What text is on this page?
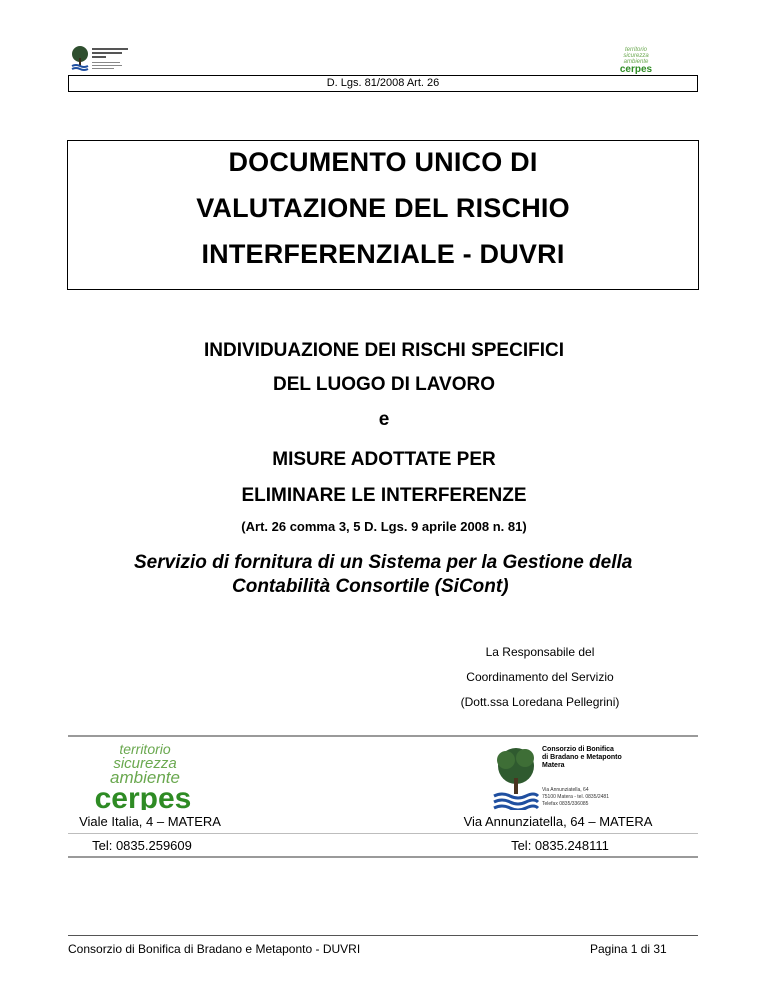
territorio
sicurezza
ambiente
cerpes
D. Lgs. 81/2008 Art. 26
DOCUMENTO UNICO DI
VALUTAZIONE DEL RISCHIO
INTERFERENZIALE - DUVRI
INDIVIDUAZIONE DEI RISCHI SPECIFICI
DEL LUOGO DI LAVORO
e
MISURE ADOTTATE PER
ELIMINARE LE INTERFERENZE
(Art. 26 comma 3, 5 D. Lgs. 9 aprile 2008 n. 81)
Servizio di fornitura di un Sistema per la Gestione della
Contabilità Consortile (SiCont)
La Responsabile del
Coordinamento del Servizio
(Dott.ssa Loredana Pellegrini)
territorio
sicurezza
ambiente
cerpes
Consorzio di Bonifica
di Bradano e Metaponto
Matera
Via Annunziatella, 64
75100 Matera - tel. 0835/2481
Telefax 0835/336085
Viale Italia, 4 – MATERA	Via Annunziatella, 64 – MATERA
Tel: 0835.259609	Tel: 0835.248111
Consorzio di Bonifica di Bradano e Metaponto - DUVRI	Pagina 1 di 31
